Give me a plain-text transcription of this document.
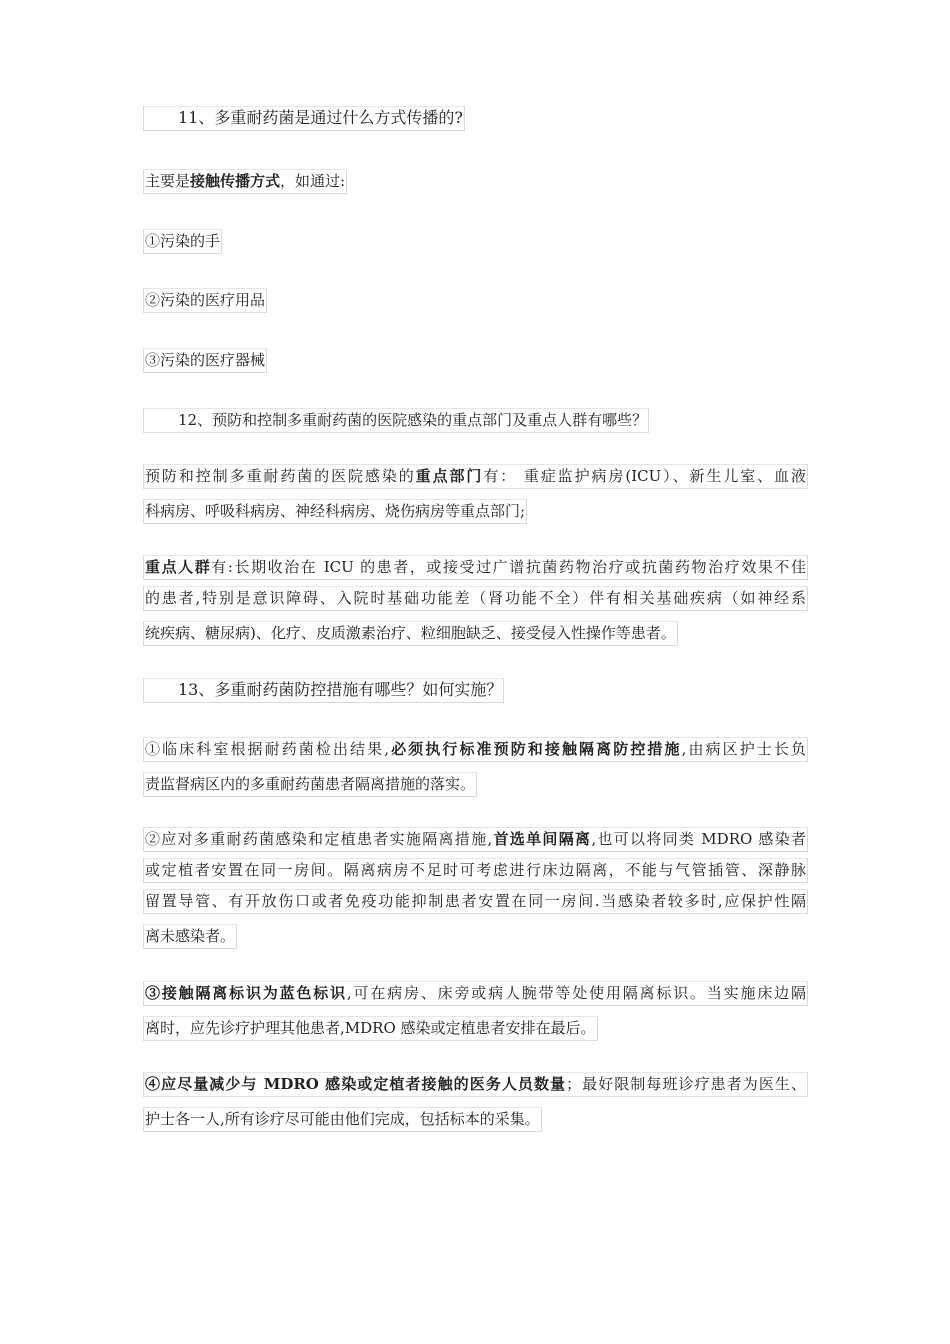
11、多重耐药菌是通过什么方式传播的?
主要是接触传播方式，如通过:
①污染的手
②污染的医疗用品
③污染的医疗器械
12、预防和控制多重耐药菌的医院感染的重点部门及重点人群有哪些？
预防和控制多重耐药菌的医院感染的重点部门有： 重症监护病房(ICU）、新生儿室、血液
科病房、呼吸科病房、神经科病房、烧伤病房等重点部门;
重点人群有:长期收治在 ICU 的患者，或接受过广谱抗菌药物治疗或抗菌药物治疗效果不佳
的患者,特别是意识障碍、入院时基础功能差（肾功能不全）伴有相关基础疾病（如神经系
统疾病、糖尿病)、化疗、皮质激素治疗、粒细胞缺乏、接受侵入性操作等患者。
13、多重耐药菌防控措施有哪些？如何实施？
①临床科室根据耐药菌检出结果,必须执行标准预防和接触隔离防控措施,由病区护士长负
责监督病区内的多重耐药菌患者隔离措施的落实。
②应对多重耐药菌感染和定植患者实施隔离措施,首选单间隔离,也可以将同类 MDRO 感染者
或定植者安置在同一房间。隔离病房不足时可考虑进行床边隔离，不能与气管插管、深静脉
留置导管、有开放伤口或者免疫功能抑制患者安置在同一房间.当感染者较多时,应保护性隔
离未感染者。
③接触隔离标识为蓝色标识,可在病房、床旁或病人腕带等处使用隔离标识。当实施床边隔
离时，应先诊疗护理其他患者,MDRO 感染或定植患者安排在最后。
④应尽量减少与 MDRO 感染或定植者接触的医务人员数量；最好限制每班诊疗患者为医生、
护士各一人,所有诊疗尽可能由他们完成，包括标本的采集。
